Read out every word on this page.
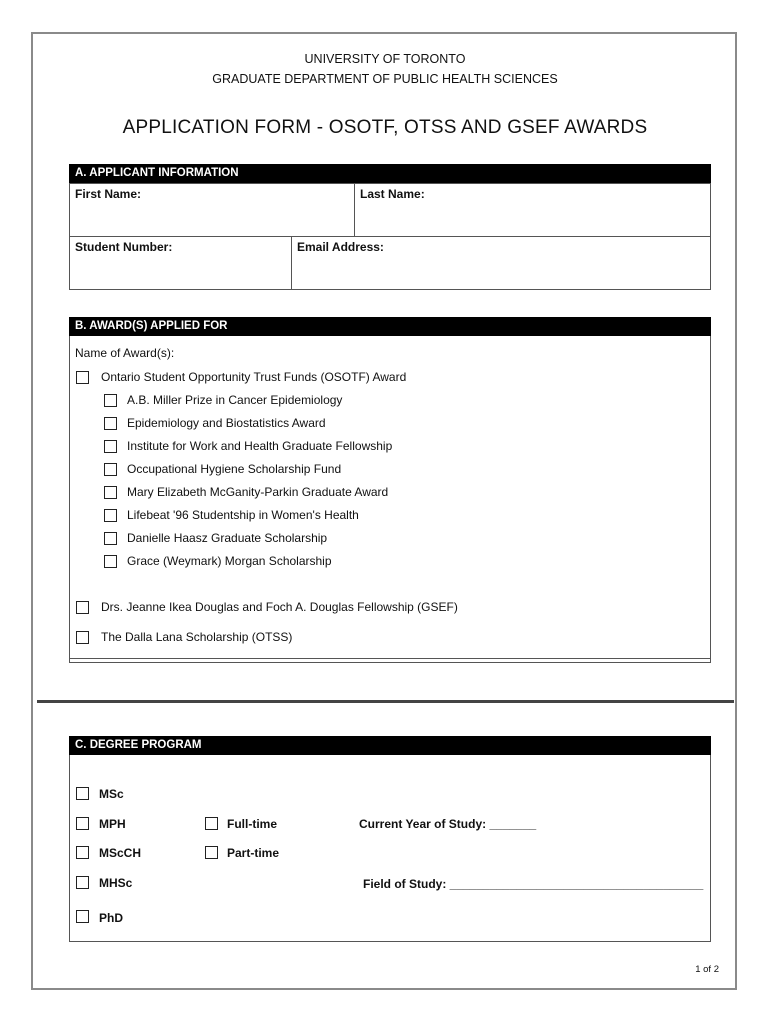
UNIVERSITY OF TORONTO
GRADUATE DEPARTMENT OF PUBLIC HEALTH SCIENCES
APPLICATION FORM - OSOTF, OTSS AND GSEF AWARDS
A. APPLICANT INFORMATION
First Name:	Last Name:
Student Number:	Email Address:
B. AWARD(S) APPLIED FOR
Name of Award(s):
Ontario Student Opportunity Trust Funds (OSOTF) Award
A.B. Miller Prize in Cancer Epidemiology
Epidemiology and Biostatistics Award
Institute for Work and Health Graduate Fellowship
Occupational Hygiene Scholarship Fund
Mary Elizabeth McGanity-Parkin Graduate Award
Lifebeat '96 Studentship in Women's Health
Danielle Haasz Graduate Scholarship
Grace (Weymark) Morgan Scholarship
Drs. Jeanne Ikea Douglas and Foch A. Douglas Fellowship (GSEF)
The Dalla Lana Scholarship (OTSS)
C. DEGREE PROGRAM
MSc
MPH
MScCH
MHSc
PhD
Full-time
Part-time
Current Year of Study: _______
Field of Study: ______________________________________
1 of 2
